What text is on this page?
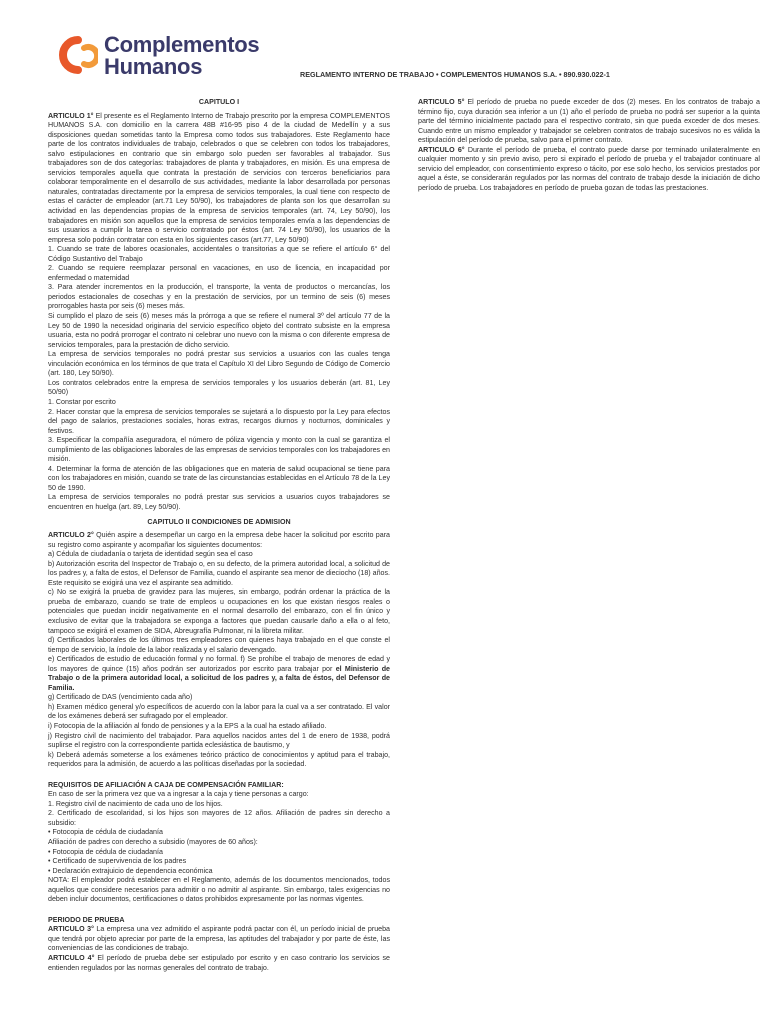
Complementos
Humanos	REGLAMENTO INTERNO DE TRABAJO • COMPLEMENTOS HUMANOS S.A. • 890.930.022-1

CAPITULO I

ARTICULO 1° El presente es el Reglamento Interno de Trabajo prescrito por la empresa COMPLEMENTOS HUMANOS S.A. con domicilio en la carrera 48B #16-95 piso 4 de la ciudad de Medellín y a sus disposiciones quedan sometidas tanto la Empresa como todos sus trabajadores. Este Reglamento hace parte de los contratos individuales de trabajo, celebrados o que se celebren con todos los trabajadores, salvo estipulaciones en contrario que sin embargo solo pueden ser favorables al trabajador. Sus trabajadores son de dos categorías: trabajadores de planta y trabajadores, en misión. Es una empresa de servicios temporales aquella que contrata la prestación de servicios con terceros beneficiarios para colaborar temporalmente en el desarrollo de sus actividades, mediante la labor desarrollada por personas naturales, contratadas directamente por la empresa de servicios temporales, la cual tiene con respecto de estas el carácter de empleador (art.71 Ley 50/90), los trabajadores de planta son los que desarrollan su actividad en las dependencias propias de la empresa de servicios temporales (art. 74, Ley 50/90), los trabajadores en misión son aquellos que la empresa de servicios temporales envía a las dependencias de sus usuarios a cumplir la tarea o servicio contratado por éstos (art. 74 Ley 50/90), los usuarios de la empresa solo podrán contratar con esta en los siguientes casos (art.77, Ley 50/90)

1. Cuando se trate de labores ocasionales, accidentales o transitorias a que se refiere el artículo 6° del Código Sustantivo del Trabajo

2. Cuando se requiere reemplazar personal en vacaciones, en uso de licencia, en incapacidad por enfermedad o maternidad

3. Para atender incrementos en la producción, el transporte, la venta de productos o mercancías, los periodos estacionales de cosechas y en la prestación de servicios, por un termino de seis (6) meses prorrogables hasta por seis (6) meses más.

Si cumplido el plazo de seis (6) meses más la prórroga a que se refiere el numeral 3º del artículo 77 de la Ley 50 de 1990 la necesidad originaria del servicio específico objeto del contrato subsiste en la empresa usuaria, esta no podrá prorrogar el contrato ni celebrar uno nuevo con la misma o con diferente empresa de servicios temporales, para la prestación de dicho servicio.

La empresa de servicios temporales no podrá prestar sus servicios a usuarios con las cuales tenga vinculación económica en los términos de que trata el Capítulo XI del Libro Segundo de Código de Comercio (art. 180, Ley 50/90).

Los contratos celebrados entre la empresa de servicios temporales y los usuarios deberán (art. 81, Ley 50/90)

1. Constar por escrito

2. Hacer constar que la empresa de servicios temporales se sujetará a lo dispuesto por la Ley para efectos del pago de salarios, prestaciones sociales, horas extras, recargos diurnos y nocturnos, dominicales y festivos.

3. Especificar la compañía aseguradora, el número de póliza vigencia y monto con la cual se garantiza el cumplimiento de las obligaciones laborales de las empresas de servicios temporales con los trabajadores en misión.

4. Determinar la forma de atención de las obligaciones que en materia de salud ocupacional se tiene para con los trabajadores en misión, cuando se trate de las circunstancias establecidas en el Artículo 78 de la Ley 50 de 1990.

La empresa de servicios temporales no podrá prestar sus servicios a usuarios cuyos trabajadores se encuentren en huelga (art. 89, Ley 50/90).

CAPITULO II CONDICIONES DE ADMISION

ARTICULO 2° Quién aspire a desempeñar un cargo en la empresa debe hacer la solicitud por escrito para su registro como aspirante y acompañar los siguientes documentos:

a) Cédula de ciudadanía o tarjeta de identidad según sea el caso

b) Autorización escrita del Inspector de Trabajo o, en su defecto, de la primera autoridad local, a solicitud de los padres y, a falta de estos, el Defensor de Familia, cuando el aspirante sea menor de dieciocho (18) años. Este requisito se exigirá una vez el aspirante sea admitido.

c) No se exigirá la prueba de gravidez para las mujeres, sin embargo, podrán ordenar la práctica de la prueba de embarazo, cuando se trate de empleos u ocupaciones en los que existan riesgos reales o potenciales que puedan incidir negativamente en el normal desarrollo del embarazo, con el fin único y exclusivo de evitar que la trabajadora se exponga a factores que puedan causarle daño a ella o al feto, tampoco se exigirá el examen de SIDA, Abreugrafía Pulmonar, ni la libreta militar.

d) Certificados laborales de los últimos tres empleadores con quienes haya trabajado en el que conste el tiempo de servicio, la índole de la labor realizada y el salario devengado.

e) Certificados de estudio de educación formal y no formal. f) Se prohíbe el trabajo de menores de edad y los mayores de quince (15) años podrán ser autorizados por escrito para trabajar por el Ministerio de Trabajo o de la primera autoridad local, a solicitud de los padres y, a falta de éstos, del Defensor de Familia.

g) Certificado de DAS (vencimiento cada año)

h) Examen médico general y/o específicos de acuerdo con la labor para la cual va a ser contratado. El valor de los exámenes deberá ser sufragado por el empleador.

i) Fotocopia de la afiliación al fondo de pensiones y a la EPS a la cual ha estado afiliado.

j) Registro civil de nacimiento del trabajador. Para aquellos nacidos antes del 1 de enero de 1938, podrá suplirse el registro con la correspondiente partida eclesiástica de bautismo, y

k) Deberá además someterse a los exámenes teórico práctico de conocimientos y aptitud para el trabajo, requeridos para la admisión, de acuerdo a las políticas diseñadas por la sociedad.

REQUISITOS DE AFILIACIÓN A CAJA DE COMPENSACIÓN FAMILIAR:

En caso de ser la primera vez que va a ingresar a la caja y tiene personas a cargo:

1. Registro civil de nacimiento de cada uno de los hijos.

2. Certificado de escolaridad, si los hijos son mayores de 12 años. Afiliación de padres sin derecho a subsidio:

• Fotocopia de cédula de ciudadanía

Afiliación de padres con derecho a subsidio (mayores de 60 años):

• Fotocopia de cédula de ciudadanía

• Certificado de supervivencia de los padres

• Declaración extrajuicio de dependencia económica

NOTA: El empleador podrá establecer en el Reglamento, además de los documentos mencionados, todos aquellos que considere necesarios para admitir o no admitir al aspirante. Sin embargo, tales exigencias no deben incluir documentos, certificaciones o datos prohibidos expresamente por las normas vigentes.

PERIODO DE PRUEBA

ARTICULO 3° La empresa una vez admitido el aspirante podrá pactar con él, un período inicial de prueba que tendrá por objeto apreciar por parte de la empresa, las aptitudes del trabajador y por parte de éste, las conveniencias de las condiciones de trabajo.

ARTICULO 4° El período de prueba debe ser estipulado por escrito y en caso contrario los servicios se entienden regulados por las normas generales del contrato de trabajo.

ARTICULO 5° El período de prueba no puede exceder de dos (2) meses. En los contratos de trabajo a término fijo, cuya duración sea inferior a un (1) año el período de prueba no podrá ser superior a la quinta parte del término inicialmente pactado para el respectivo contrato, sin que pueda exceder de dos meses. Cuando entre un mismo empleador y trabajador se celebren contratos de trabajo sucesivos no es válida la estipulación del período de prueba, salvo para el primer contrato.

ARTICULO 6° Durante el período de prueba, el contrato puede darse por terminado unilateralmente en cualquier momento y sin previo aviso, pero si expirado el período de prueba y el trabajador continuare al servicio del empleador, con consentimiento expreso o tácito, por ese solo hecho, los servicios prestados por aquel a éste, se considerarán regulados por las normas del contrato de trabajo desde la iniciación de dicho período de prueba. Los trabajadores en período de prueba gozan de todas las prestaciones.
